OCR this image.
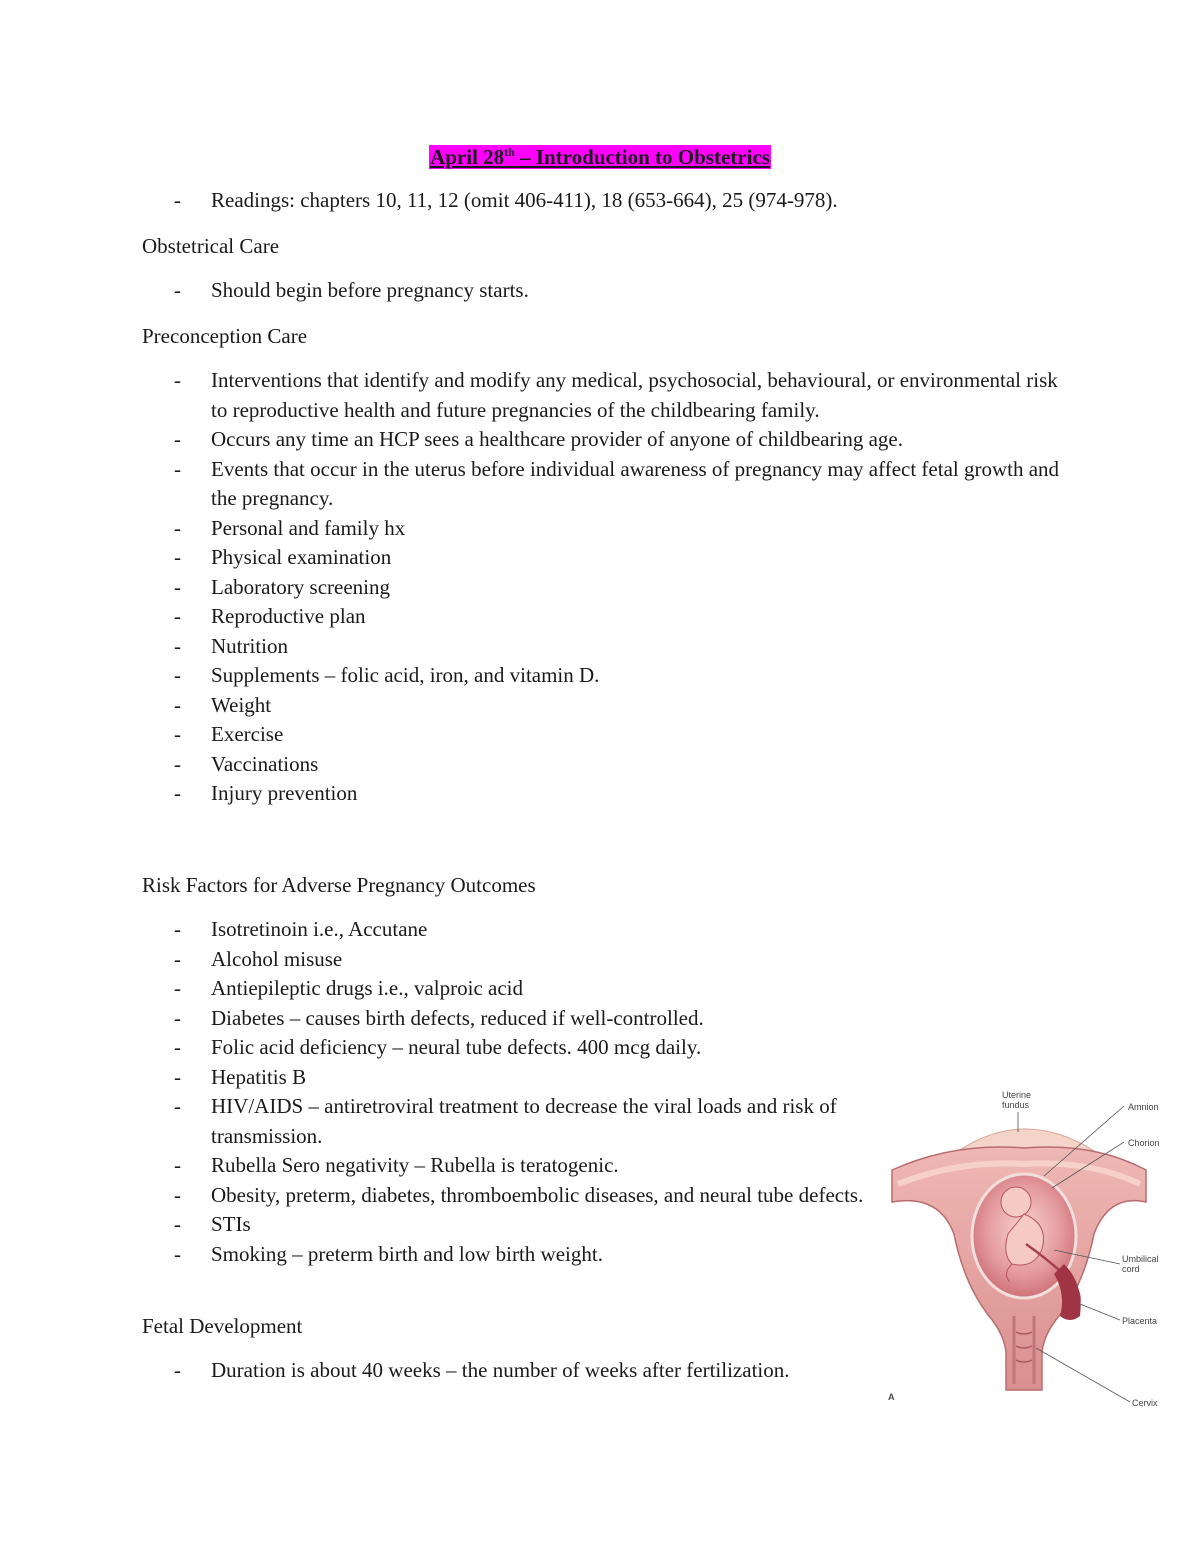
April 28th – Introduction to Obstetrics
- Readings: chapters 10, 11, 12 (omit 406-411), 18 (653-664), 25 (974-978).
Obstetrical Care
- Should begin before pregnancy starts.
Preconception Care
- Interventions that identify and modify any medical, psychosocial, behavioural, or environmental risk to reproductive health and future pregnancies of the childbearing family.
- Occurs any time an HCP sees a healthcare provider of anyone of childbearing age.
- Events that occur in the uterus before individual awareness of pregnancy may affect fetal growth and the pregnancy.
- Personal and family hx
- Physical examination
- Laboratory screening
- Reproductive plan
- Nutrition
- Supplements – folic acid, iron, and vitamin D.
- Weight
- Exercise
- Vaccinations
- Injury prevention
Risk Factors for Adverse Pregnancy Outcomes
- Isotretinoin i.e., Accutane
- Alcohol misuse
- Antiepileptic drugs i.e., valproic acid
- Diabetes – causes birth defects, reduced if well-controlled.
- Folic acid deficiency – neural tube defects. 400 mcg daily.
- Hepatitis B
- HIV/AIDS – antiretroviral treatment to decrease the viral loads and risk of transmission.
- Rubella Sero negativity – Rubella is teratogenic.
- Obesity, preterm, diabetes, thromboembolic diseases, and neural tube defects.
- STIs
- Smoking – preterm birth and low birth weight.
Fetal Development
- Duration is about 40 weeks – the number of weeks after fertilization.
Uterine
fundus	Amnion
Chorion
Umbilical
cord
Placenta
Cervix
A
